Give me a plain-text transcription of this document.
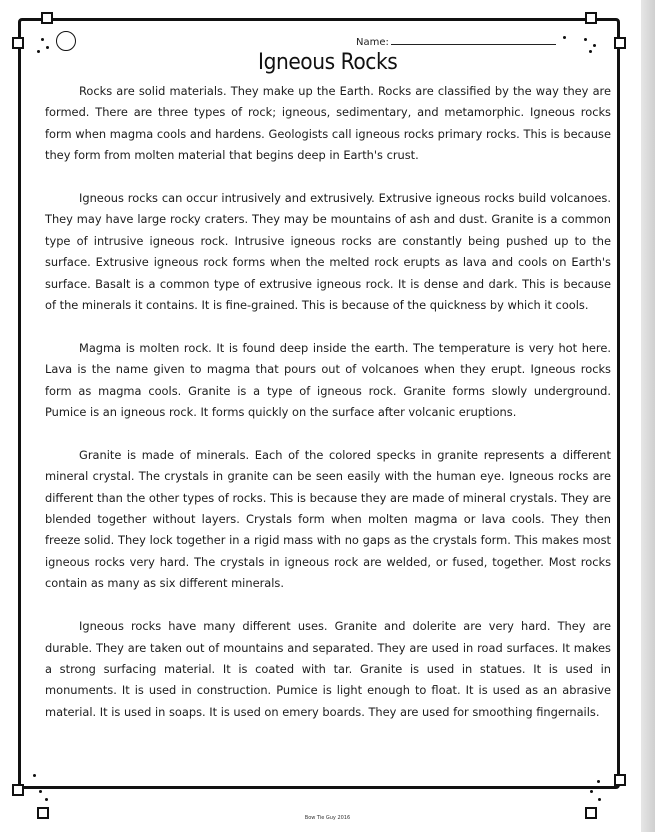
Name:
Igneous Rocks

Rocks are solid materials. They make up the Earth. Rocks are classified by the way they are formed. There are three types of rock; igneous, sedimentary, and metamorphic. Igneous rocks form when magma cools and hardens. Geologists call igneous rocks primary rocks. This is because they form from molten material that begins deep in Earth's crust.

Igneous rocks can occur intrusively and extrusively. Extrusive igneous rocks build volcanoes. They may have large rocky craters. They may be mountains of ash and dust. Granite is a common type of intrusive igneous rock. Intrusive igneous rocks are constantly being pushed up to the surface. Extrusive igneous rock forms when the melted rock erupts as lava and cools on Earth's surface. Basalt is a common type of extrusive igneous rock. It is dense and dark. This is because of the minerals it contains. It is fine-grained. This is because of the quickness by which it cools.

Magma is molten rock. It is found deep inside the earth. The temperature is very hot here. Lava is the name given to magma that pours out of volcanoes when they erupt. Igneous rocks form as magma cools. Granite is a type of igneous rock. Granite forms slowly underground. Pumice is an igneous rock. It forms quickly on the surface after volcanic eruptions.

Granite is made of minerals. Each of the colored specks in granite represents a different mineral crystal. The crystals in granite can be seen easily with the human eye. Igneous rocks are different than the other types of rocks. This is because they are made of mineral crystals. They are blended together without layers. Crystals form when molten magma or lava cools. They then freeze solid. They lock together in a rigid mass with no gaps as the crystals form. This makes most igneous rocks very hard. The crystals in igneous rock are welded, or fused, together. Most rocks contain as many as six different minerals.

Igneous rocks have many different uses. Granite and dolerite are very hard. They are durable. They are taken out of mountains and separated. They are used in road surfaces. It makes a strong surfacing material. It is coated with tar. Granite is used in statues. It is used in monuments. It is used in construction. Pumice is light enough to float. It is used as an abrasive material. It is used in soaps. It is used on emery boards. They are used for smoothing fingernails.

Bow Tie Guy 2016
